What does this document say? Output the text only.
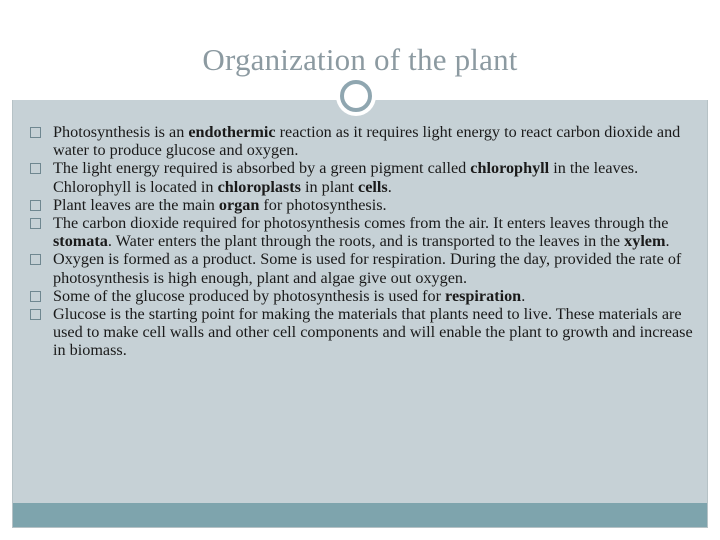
Organization of the plant
Photosynthesis is an endothermic reaction as it requires light energy to react carbon dioxide and water to produce glucose and oxygen.
The light energy required is absorbed by a green pigment called chlorophyll in the leaves. Chlorophyll is located in chloroplasts in plant cells.
Plant leaves are the main organ for photosynthesis.
The carbon dioxide required for photosynthesis comes from the air. It enters leaves through the stomata. Water enters the plant through the roots, and is transported to the leaves in the xylem.
Oxygen is formed as a product. Some is used for respiration. During the day, provided the rate of photosynthesis is high enough, plant and algae give out oxygen.
Some of the glucose produced by photosynthesis is used for respiration.
Glucose is the starting point for making the materials that plants need to live. These materials are used to make cell walls and other cell components and will enable the plant to growth and increase in biomass.
